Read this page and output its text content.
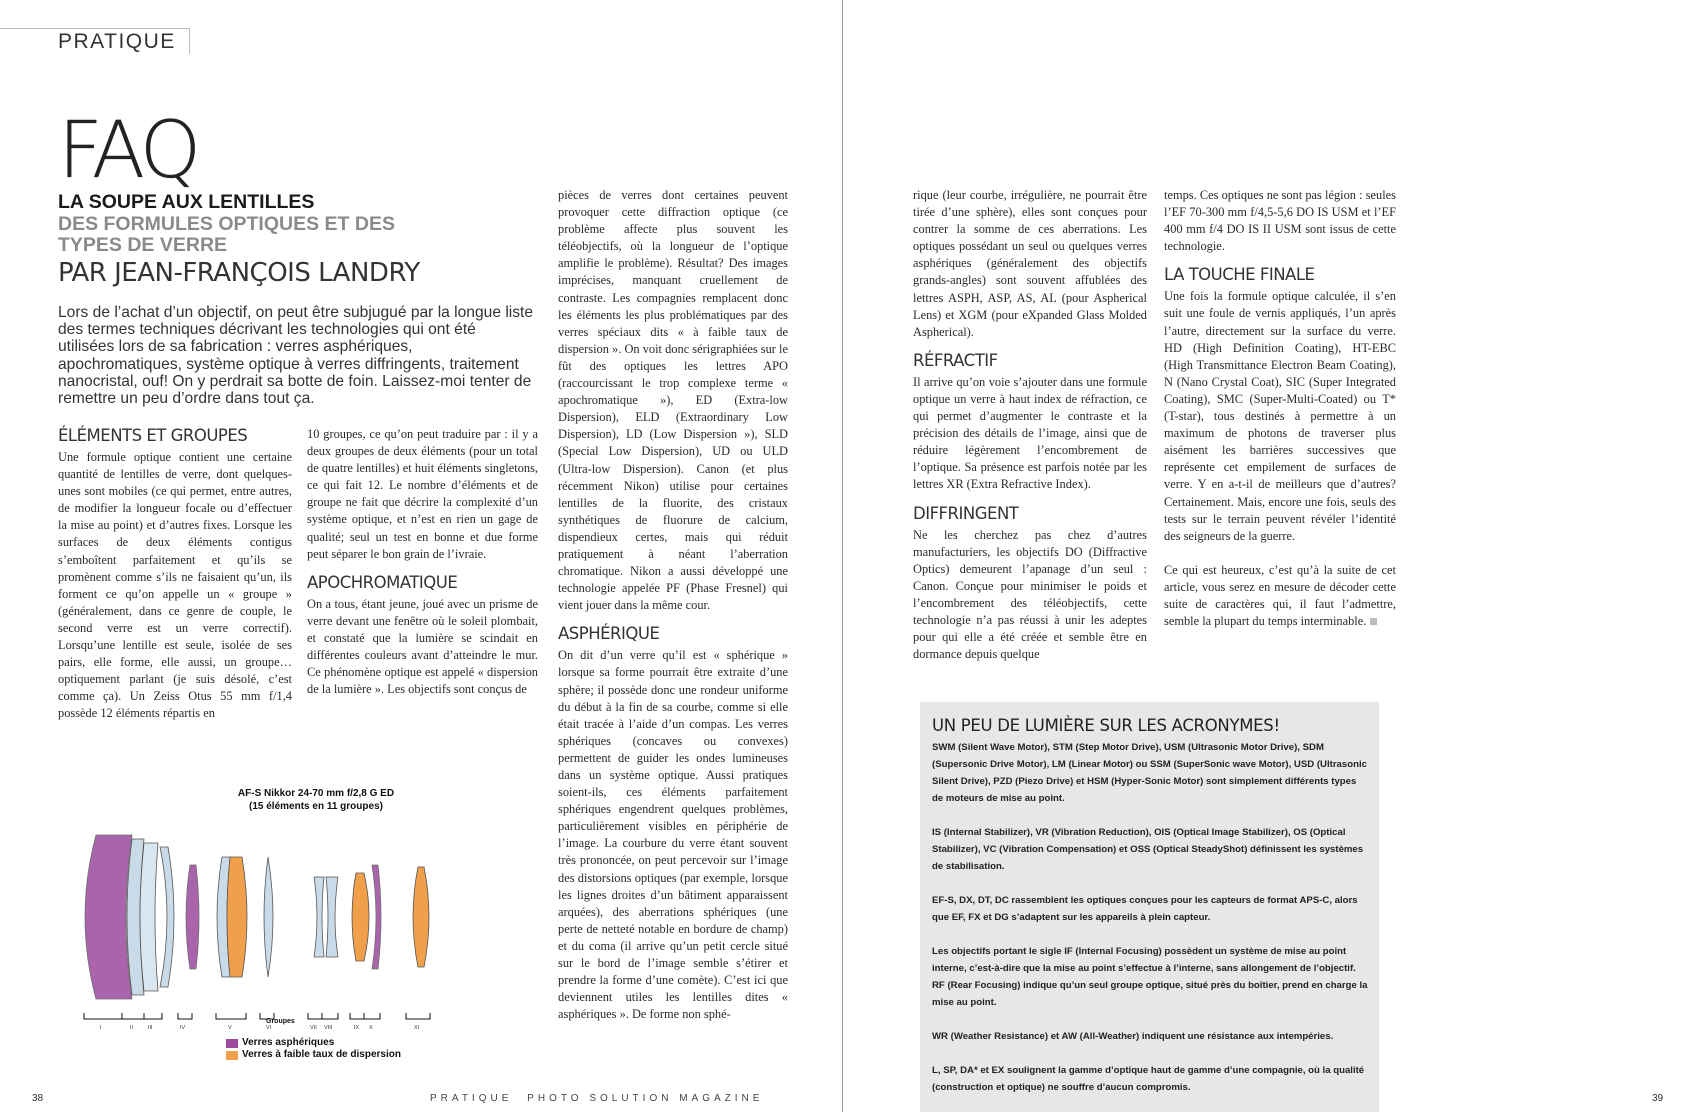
PRATIQUE
FAQ
LA SOUPE AUX LENTILLES
DES FORMULES OPTIQUES ET DES TYPES DE VERRE
PAR JEAN-FRANÇOIS LANDRY

Lors de l’achat d’un objectif, on peut être subjugué par la longue liste des termes techniques décrivant les technologies qui ont été utilisées lors de sa fabrication : verres asphériques, apochromatiques, système optique à verres diffringents, traitement nanocristal, ouf! On y perdrait sa botte de foin. Laissez-moi tenter de remettre un peu d’ordre dans tout ça.

ÉLÉMENTS ET GROUPES

Une formule optique contient une certaine quantité de lentilles de verre, dont quelques-unes sont mobiles (ce qui permet, entre autres, de modifier la longueur focale ou d’effectuer la mise au point) et d’autres fixes. Lorsque les surfaces de deux éléments contigus s’emboîtent parfaitement et qu’ils se promènent comme s’ils ne faisaient qu’un, ils forment ce qu’on appelle un « groupe » (généralement, dans ce genre de couple, le second verre est un verre correctif). Lorsqu’une lentille est seule, isolée de ses pairs, elle forme, elle aussi, un groupe… optiquement parlant (je suis désolé, c’est comme ça). Un Zeiss Otus 55 mm f/1,4 possède 12 éléments répartis en

10 groupes, ce qu’on peut traduire par : il y a deux groupes de deux éléments (pour un total de quatre lentilles) et huit éléments singletons, ce qui fait 12. Le nombre d’éléments et de groupe ne fait que décrire la complexité d’un système optique, et n’est en rien un gage de qualité; seul un test en bonne et due forme peut séparer le bon grain de l’ivraie.

APOCHROMATIQUE

On a tous, étant jeune, joué avec un prisme de verre devant une fenêtre où le soleil plombait, et constaté que la lumière se scindait en différentes couleurs avant d’atteindre le mur. Ce phénomène optique est appelé « dispersion de la lumière ». Les objectifs sont conçus de

pièces de verres dont certaines peuvent provoquer cette diffraction optique (ce problème affecte plus souvent les téléobjectifs, où la longueur de l’optique amplifie le problème). Résultat? Des images imprécises, manquant cruellement de contraste. Les compagnies remplacent donc les éléments les plus problématiques par des verres spéciaux dits « à faible taux de dispersion ». On voit donc sérigraphiées sur le fût des optiques les lettres APO (raccourcissant le trop complexe terme « apochromatique »), ED (Extra-low Dispersion), ELD (Extraordinary Low Dispersion), LD (Low Dispersion »), SLD (Special Low Dispersion), UD ou ULD (Ultra-low Dispersion). Canon (et plus récemment Nikon) utilise pour certaines lentilles de la fluorite, des cristaux synthétiques de fluorure de calcium, dispendieux certes, mais qui réduit pratiquement à néant l’aberration chromatique. Nikon a aussi développé une technologie appelée PF (Phase Fresnel) qui vient jouer dans la même cour.

ASPHÉRIQUE

On dit d’un verre qu’il est « sphérique » lorsque sa forme pourrait être extraite d’une sphère; il possède donc une rondeur uniforme du début à la fin de sa courbe, comme si elle était tracée à l’aide d’un compas. Les verres sphériques (concaves ou convexes) permettent de guider les ondes lumineuses dans un système optique. Aussi pratiques soient-ils, ces éléments parfaitement sphériques engendrent quelques problèmes, particulièrement visibles en périphérie de l’image. La courbure du verre étant souvent très prononcée, on peut percevoir sur l’image des distorsions optiques (par exemple, lorsque les lignes droites d’un bâtiment apparaissent arquées), des aberrations sphériques (une perte de netteté notable en bordure de champ) et du coma (il arrive qu’un petit cercle situé sur le bord de l’image semble s’étirer et prendre la forme d’une comète). C’est ici que deviennent utiles les lentilles dites « asphériques ». De forme non sphé-

AF-S Nikkor 24-70 mm f/2,8 G ED
(15 éléments en 11 groupes)
Groupes
I	II	III	IV	V	VI	VII VIII	IX X	XI
Verres asphériques
Verres à faible taux de dispersion
38	PRATIQUE PHOTO SOLUTION MAGAZINE

rique (leur courbe, irrégulière, ne pourrait être tirée d’une sphère), elles sont conçues pour contrer la somme de ces aberrations. Les optiques possédant un seul ou quelques verres asphériques (généralement des objectifs grands-angles) sont souvent affublées des lettres ASPH, ASP, AS, AL (pour Aspherical Lens) et XGM (pour eXpanded Glass Molded Aspherical).

RÉFRACTIF

Il arrive qu’on voie s’ajouter dans une formule optique un verre à haut index de réfraction, ce qui permet d’augmenter le contraste et la précision des détails de l’image, ainsi que de réduire légèrement l’encombrement de l’optique. Sa présence est parfois notée par les lettres XR (Extra Refractive Index).

DIFFRINGENT

Ne les cherchez pas chez d’autres manufacturiers, les objectifs DO (Diffractive Optics) demeurent l’apanage d’un seul : Canon. Conçue pour minimiser le poids et l’encombrement des téléobjectifs, cette technologie n’a pas réussi à unir les adeptes pour qui elle a été créée et semble être en dormance depuis quelque

temps. Ces optiques ne sont pas légion : seules l’EF 70-300 mm f/4,5-5,6 DO IS USM et l’EF 400 mm f/4 DO IS II USM sont issus de cette technologie.

LA TOUCHE FINALE

Une fois la formule optique calculée, il s’en suit une foule de vernis appliqués, l’un après l’autre, directement sur la surface du verre. HD (High Definition Coating), HT-EBC (High Transmittance Electron Beam Coating), N (Nano Crystal Coat), SIC (Super Integrated Coating), SMC (Super-Multi-Coated) ou T* (T-star), tous destinés à permettre à un maximum de photons de traverser plus aisément les barrières successives que représente cet empilement de surfaces de verre. Y en a-t-il de meilleurs que d’autres? Certainement. Mais, encore une fois, seuls des tests sur le terrain peuvent révéler l’identité des seigneurs de la guerre.

Ce qui est heureux, c’est qu’à la suite de cet article, vous serez en mesure de décoder cette suite de caractères qui, il faut l’admettre, semble la plupart du temps interminable.

UN PEU DE LUMIÈRE SUR LES ACRONYMES!

SWM (Silent Wave Motor), STM (Step Motor Drive), USM (Ultrasonic Motor Drive), SDM (Supersonic Drive Motor), LM (Linear Motor) ou SSM (SuperSonic wave Motor), USD (Ultrasonic Silent Drive), PZD (Piezo Drive) et HSM (Hyper-Sonic Motor) sont simplement différents types de moteurs de mise au point.

IS (Internal Stabilizer), VR (Vibration Reduction), OIS (Optical Image Stabilizer), OS (Optical Stabilizer), VC (Vibration Compensation) et OSS (Optical SteadyShot) définissent les systèmes de stabilisation.

EF-S, DX, DT, DC rassemblent les optiques conçues pour les capteurs de format APS-C, alors que EF, FX et DG s’adaptent sur les appareils à plein capteur.

Les objectifs portant le sigle IF (Internal Focusing) possèdent un système de mise au point interne, c’est-à-dire que la mise au point s’effectue à l’interne, sans allongement de l’objectif. RF (Rear Focusing) indique qu’un seul groupe optique, situé près du boîtier, prend en charge la mise au point.

WR (Weather Resistance) et AW (All-Weather) indiquent une résistance aux intempéries.

L, SP, DA* et EX soulignent la gamme d’optique haut de gamme d’une compagnie, où la qualité (construction et optique) ne souffre d’aucun compromis.

39
